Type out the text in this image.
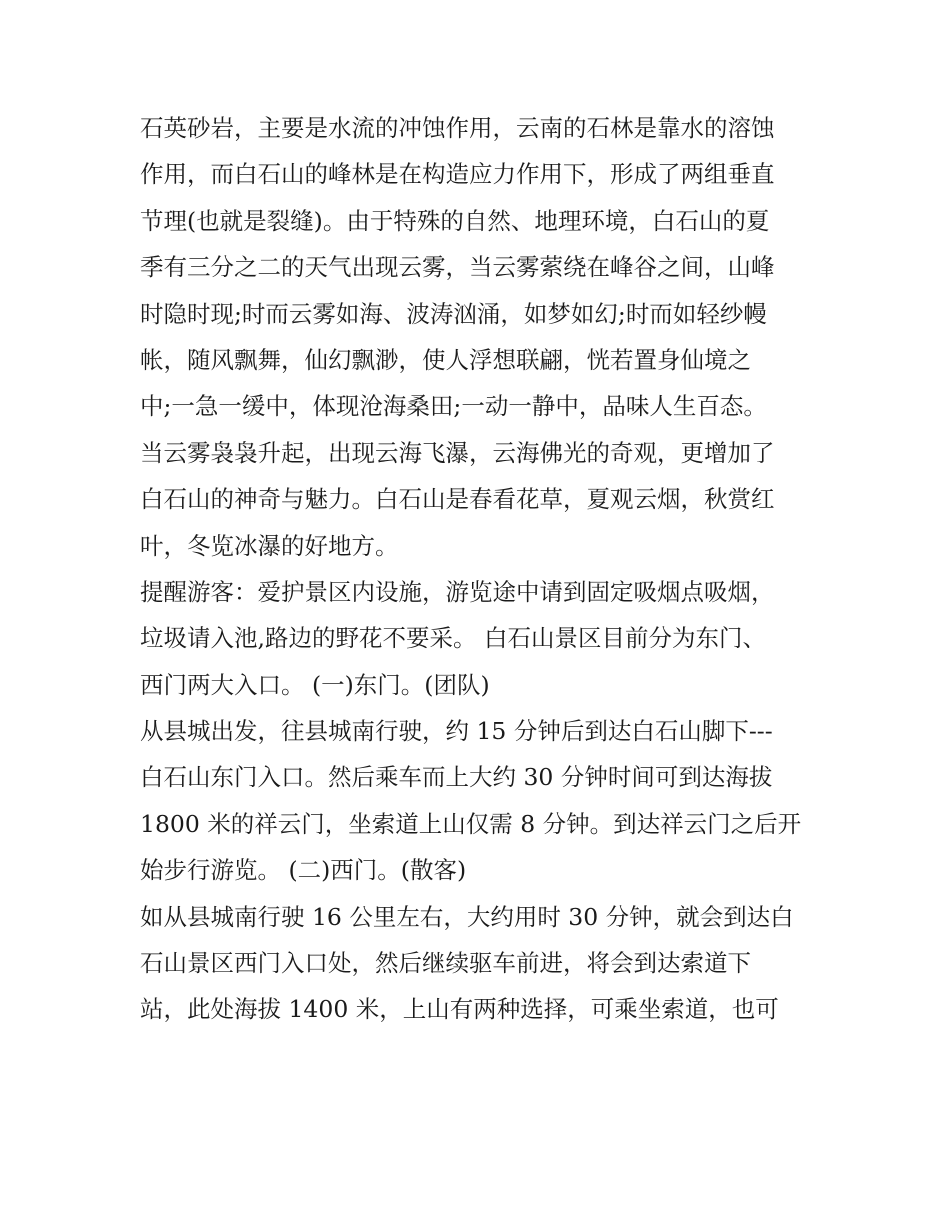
石英砂岩，主要是水流的冲蚀作用，云南的石林是靠水的溶蚀
作用，而白石山的峰林是在构造应力作用下，形成了两组垂直
节理(也就是裂缝)。由于特殊的自然、地理环境，白石山的夏
季有三分之二的天气出现云雾，当云雾萦绕在峰谷之间，山峰
时隐时现;时而云雾如海、波涛汹涌，如梦如幻;时而如轻纱幔
帐，随风飘舞，仙幻飘渺，使人浮想联翩，恍若置身仙境之
中;一急一缓中，体现沧海桑田;一动一静中，品味人生百态。
当云雾袅袅升起，出现云海飞瀑，云海佛光的奇观，更增加了
白石山的神奇与魅力。白石山是春看花草，夏观云烟，秋赏红
叶，冬览冰瀑的好地方。
提醒游客：爱护景区内设施，游览途中请到固定吸烟点吸烟，
垃圾请入池,路边的野花不要采。 白石山景区目前分为东门、
西门两大入口。 (一)东门。(团队)
从县城出发，往县城南行驶，约 15 分钟后到达白石山脚下---
白石山东门入口。然后乘车而上大约 30 分钟时间可到达海拔
1800 米的祥云门，坐索道上山仅需 8 分钟。到达祥云门之后开
始步行游览。 (二)西门。(散客)
如从县城南行驶 16 公里左右，大约用时 30 分钟，就会到达白
石山景区西门入口处，然后继续驱车前进，将会到达索道下
站，此处海拔 1400 米，上山有两种选择，可乘坐索道，也可
